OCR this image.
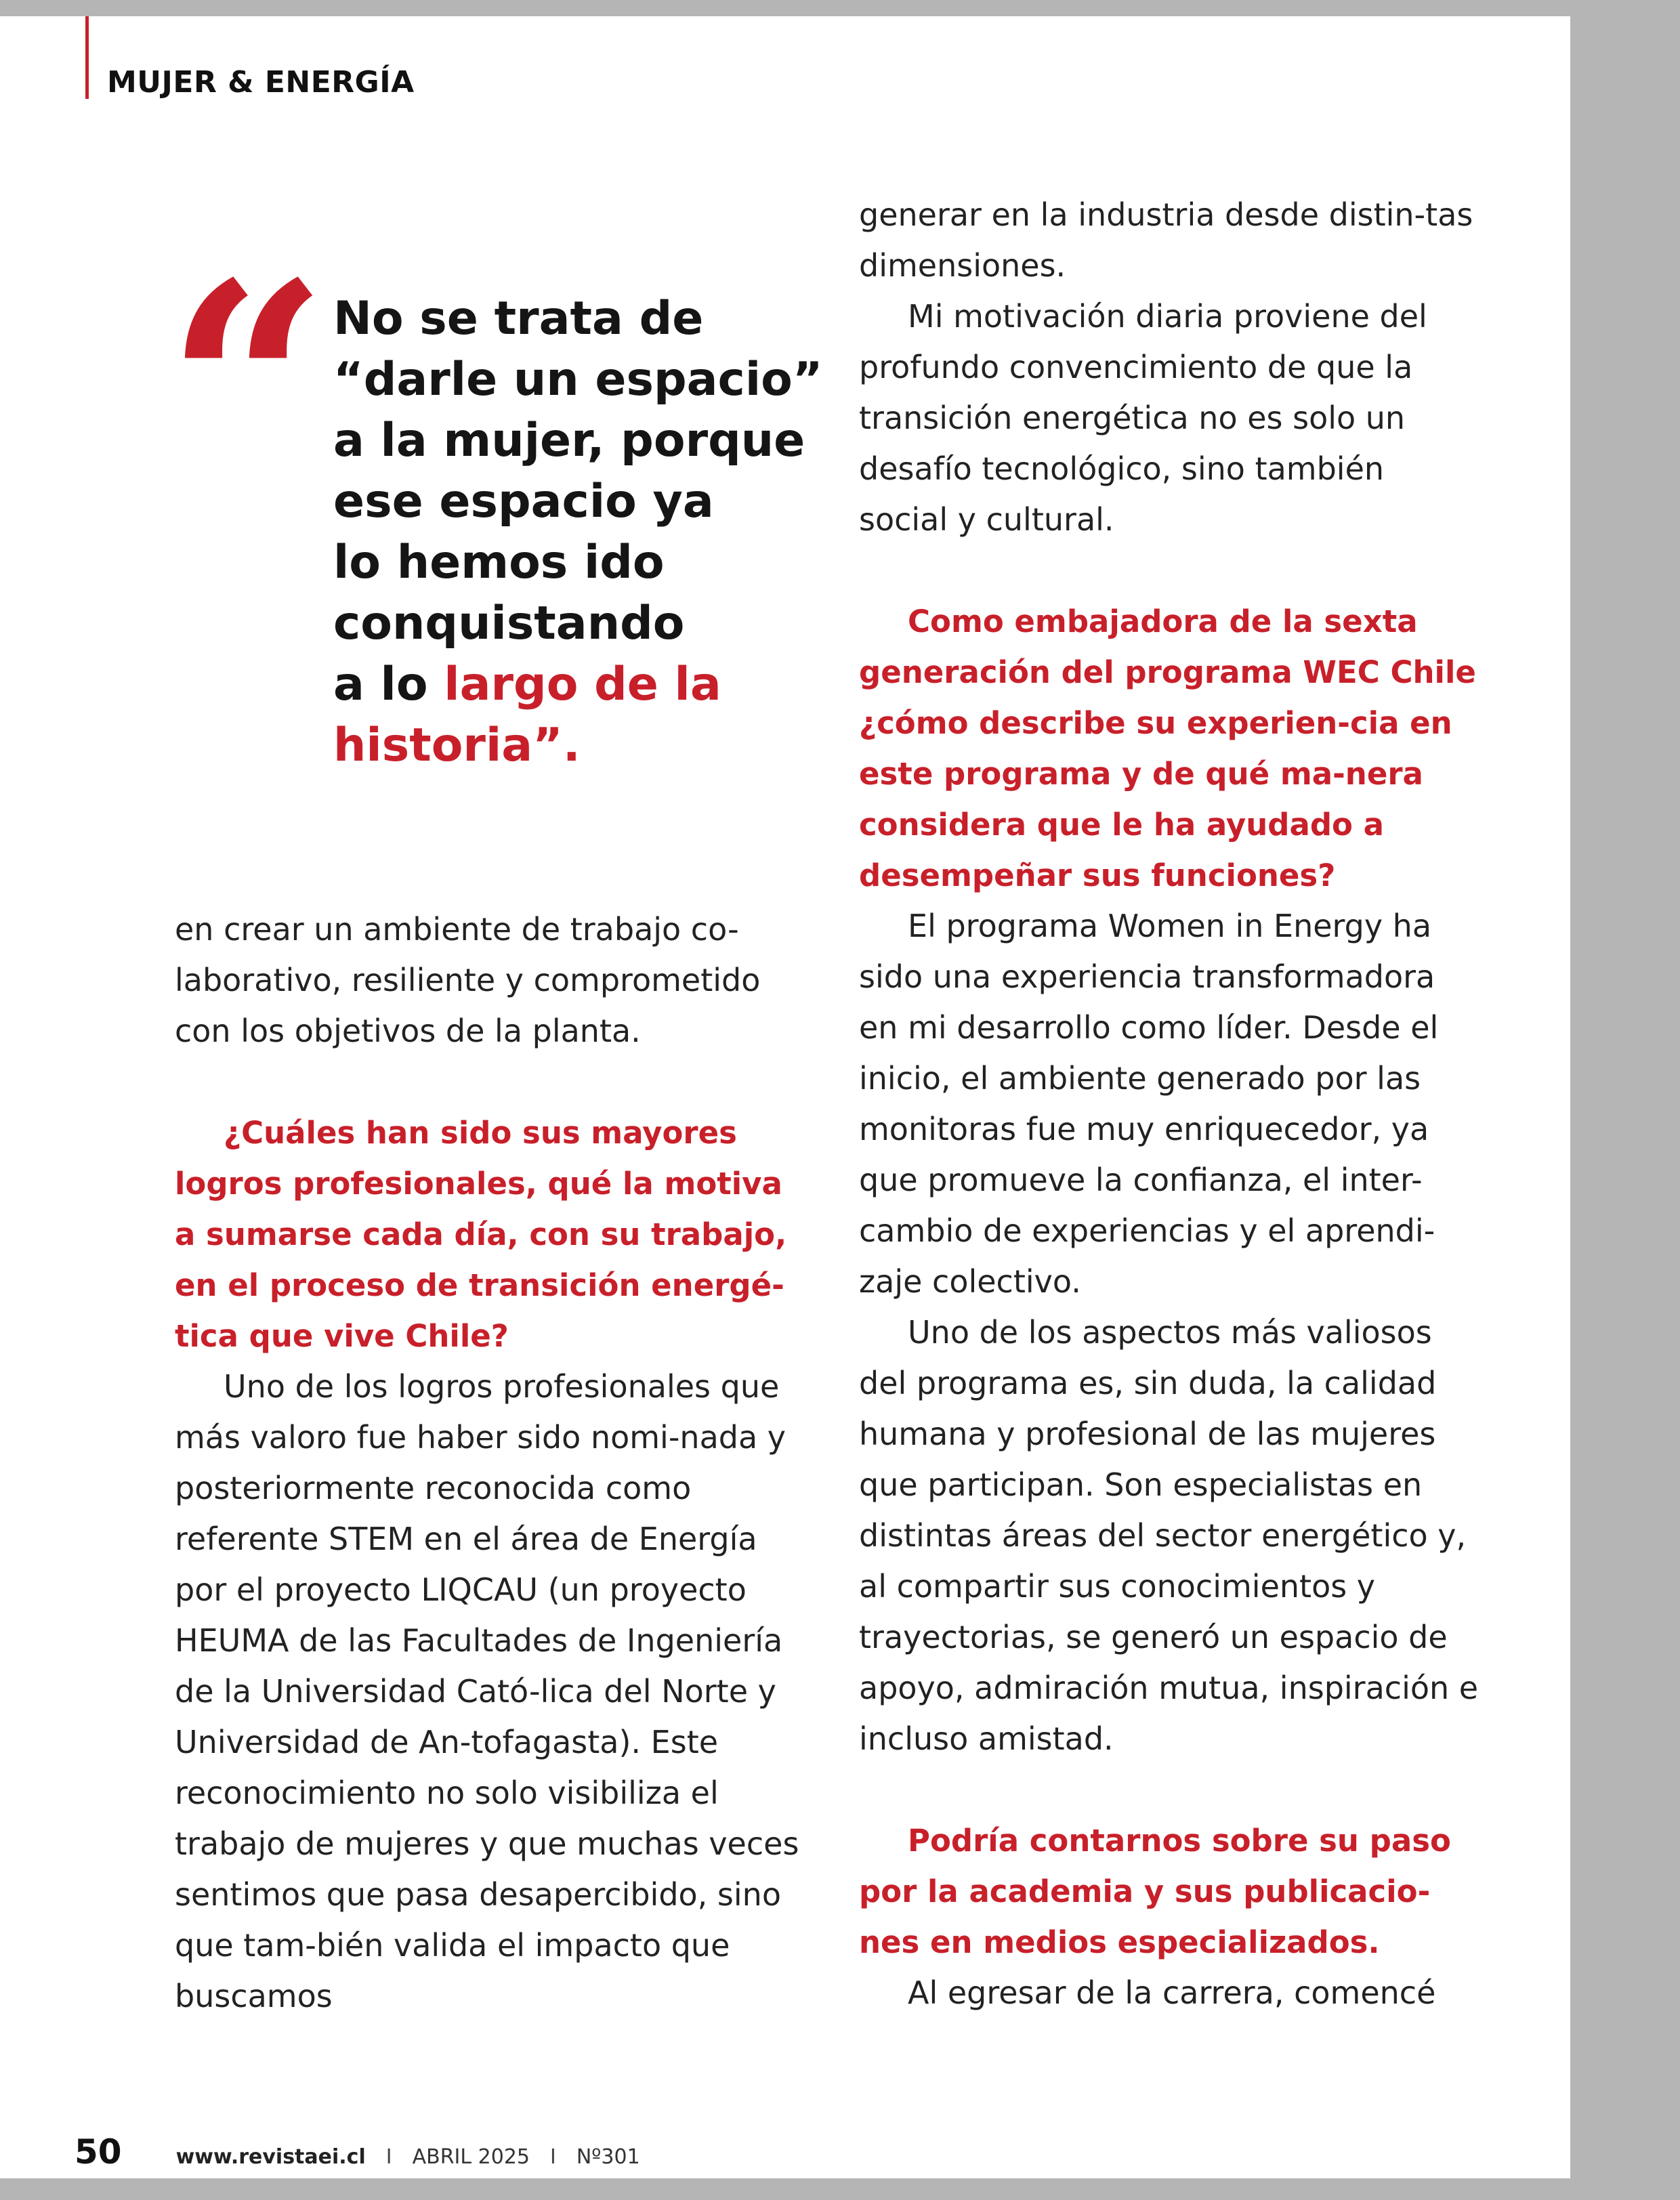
MUJER & ENERGÍA
“ No se trata de
“darle un espacio”
a la mujer, porque
ese espacio ya
lo hemos ido
conquistando
a lo largo de la
historia”.

en crear un ambiente de trabajo co-laborativo, resiliente y comprometido con los objetivos de la planta.

¿Cuáles han sido sus mayores logros profesionales, qué la motiva a sumarse cada día, con su trabajo, en el proceso de transición energé-tica que vive Chile?

Uno de los logros profesionales que más valoro fue haber sido nomi-nada y posteriormente reconocida como referente STEM en el área de Energía por el proyecto LIQCAU (un proyecto HEUMA de las Facultades de Ingeniería de la Universidad Cató-lica del Norte y Universidad de An-tofagasta). Este reconocimiento no solo visibiliza el trabajo de mujeres y que muchas veces sentimos que pasa desapercibido, sino que tam-bién valida el impacto que buscamos

generar en la industria desde distin-tas dimensiones.

Mi motivación diaria proviene del profundo convencimiento de que la transición energética no es solo un desafío tecnológico, sino también social y cultural.

Como embajadora de la sexta generación del programa WEC Chile ¿cómo describe su experien-cia en este programa y de qué ma-nera considera que le ha ayudado a desempeñar sus funciones?

El programa Women in Energy ha sido una experiencia transformadora en mi desarrollo como líder. Desde el inicio, el ambiente generado por las monitoras fue muy enriquecedor, ya que promueve la confianza, el inter-cambio de experiencias y el aprendi-zaje colectivo.

Uno de los aspectos más valiosos del programa es, sin duda, la calidad humana y profesional de las mujeres que participan. Son especialistas en distintas áreas del sector energético y, al compartir sus conocimientos y trayectorias, se generó un espacio de apoyo, admiración mutua, inspiración e incluso amistad.

Podría contarnos sobre su paso por la academia y sus publicacio-nes en medios especializados.

Al egresar de la carrera, comencé

50	www.revistaei.cl I ABRIL 2025 I Nº301
